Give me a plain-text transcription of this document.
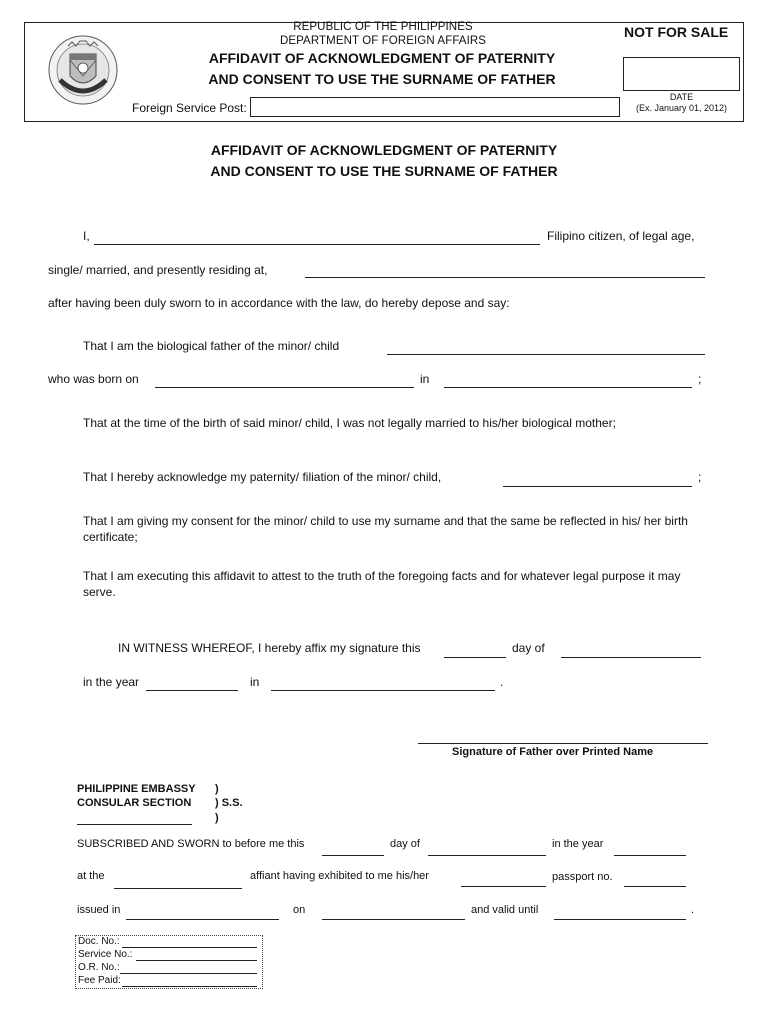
REPUBLIC OF THE PHILIPPINES
DEPARTMENT OF FOREIGN AFFAIRS
AFFIDAVIT OF ACKNOWLEDGMENT OF PATERNITY
AND CONSENT TO USE THE SURNAME OF FATHER
Foreign Service Post:
NOT FOR SALE
DATE
(Ex. January 01, 2012)
AFFIDAVIT OF ACKNOWLEDGMENT OF PATERNITY
AND CONSENT TO USE THE SURNAME OF FATHER
I,	Filipino citizen, of legal age,
single/ married, and presently residing at,
after having been duly sworn to in accordance with the law, do hereby depose and say:
That I am the biological father of the minor/ child
who was born on	in	;
That at the time of the birth of said minor/ child, I was not legally married to his/her biological mother;
That I hereby acknowledge my paternity/ filiation of the minor/ child,	;
That I am giving my consent for the minor/ child to use my surname and that the same be reflected in his/ her birth certificate;
That I am executing this affidavit to attest to the truth of the foregoing facts and for whatever legal purpose it may serve.
IN WITNESS WHEREOF, I hereby affix my signature this	day of
in the year	in	.
Signature of Father over Printed Name
PHILIPPINE EMBASSY )
CONSULAR SECTION ) S.S.
)
SUBSCRIBED AND SWORN to before me this	day of	in the year
at the	affiant having exhibited to me his/her	passport no.
issued in	on	and valid until	.
Doc. No.:
Service No.:
O.R. No.:
Fee Paid:
